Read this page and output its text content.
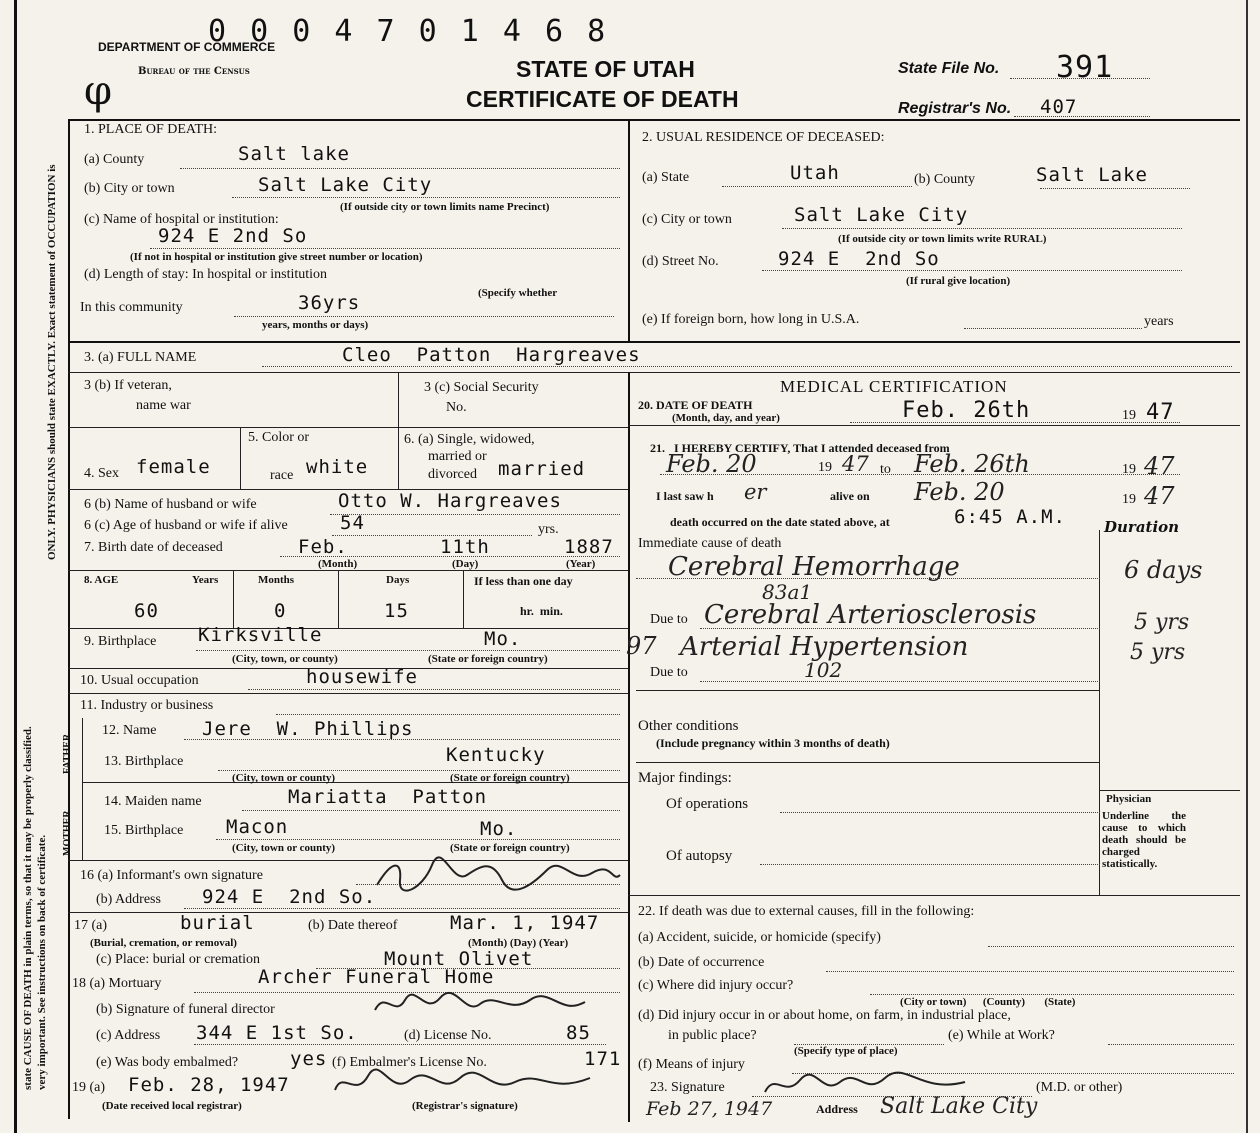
state CAUSE OF DEATH in plain terms, so that it may be properly classified. very important. See instructions on back of certificate.
ONLY. PHYSICIANS should state EXACTLY. Exact statement of OCCUPATION is
0 0 0 4 7 0 1 4 6 8
DEPARTMENT OF COMMERCE
Bureau of the Census
φ	STATE OF UTAH
CERTIFICATE OF DEATH
State File No. 391
Registrar's No. 407
FATHER
MOTHER
1. PLACE OF DEATH:
(a) County	Salt lake
(b) City or town	Salt Lake City
(If outside city or town limits name Precinct)
(c) Name of hospital or institution:
924 E 2nd So
(If not in hospital or institution give street number or location)
(d) Length of stay: In hospital or institution
(Specify whether
In this community	36yrs
years, months or days)
2. USUAL RESIDENCE OF DECEASED:
(a) State	Utah	(b) County	Salt Lake
(c) City or town	Salt Lake City
(If outside city or town limits write RURAL)
(d) Street No.	924 E  2nd So
(If rural give location)
(e) If foreign born, how long in U.S.A.	years
3. (a) FULL NAME	Cleo  Patton  Hargreaves
3 (b) If veteran,
name war
3 (c) Social Security
No.
MEDICAL CERTIFICATION
20. DATE OF DEATH
(Month, day, and year)	Feb. 26th	19 47
5. Color or
4. Sex female	race white
6. (a) Single, widowed,
married or
divorced married
6 (b) Name of husband or wife	Otto W. Hargreaves
6 (c) Age of husband or wife if alive	54	yrs.
7. Birth date of deceased	Feb.	11th	1887
(Month)	(Day)	(Year)
8. AGE	Years	Months	Days	If less than one day
60	0	15	hr.  min.
9. Birthplace Kirksville	Mo.
(City, town, or county)	(State or foreign country)
10. Usual occupation	housewife
11. Industry or business
12. Name Jere  W. Phillips
13. Birthplace	Kentucky
(City, town or county)	(State or foreign country)
14. Maiden name	Mariatta  Patton
15. Birthplace Macon	Mo.
(City, town or county)	(State or foreign country)
16 (a) Informant's own signature
(b) Address 924 E  2nd So.
17 (a)	burial
(Burial, cremation, or removal)
(b) Date thereof	Mar. 1, 1947
(Month) (Day) (Year)
(c) Place: burial or cremation	Mount Olivet
18 (a) Mortuary	Archer Funeral Home
(b) Signature of funeral director
(c) Address 344 E 1st So.	(d) License No.	85
(e) Was body embalmed?	yes (f) Embalmer's License No.	171
19 (a) Feb. 28, 1947
(Date received local registrar)	(Registrar's signature)
21.   I HEREBY CERTIFY, That I attended deceased from
Feb. 20	19 47 to Feb. 26th	19 47
I last saw h er	alive on Feb. 20	19 47
death occurred on the date stated above, at	6:45 A.M.	Duration
Immediate cause of death
Cerebral Hemorrhage	6 days
83a1
Due to Cerebral Arteriosclerosis	5 yrs
97 Arterial Hypertension	5 yrs
Due to	102
Other conditions
(Include pregnancy within 3 months of death)
Major findings:
Of operations
Of autopsy
Physician
Underline the cause to which death should be charged statistically.
22. If death was due to external causes, fill in the following:
(a) Accident, suicide, or homicide (specify)
(b) Date of occurrence
(c) Where did injury occur?
(City or town)      (County)       (State)
(d) Did injury occur in or about home, on farm, in industrial place,
in public place?
(Specify type of place)
(e) While at Work?
(f) Means of injury
23. Signature	(M.D. or other)
Feb 27, 1947	Address Salt Lake City
